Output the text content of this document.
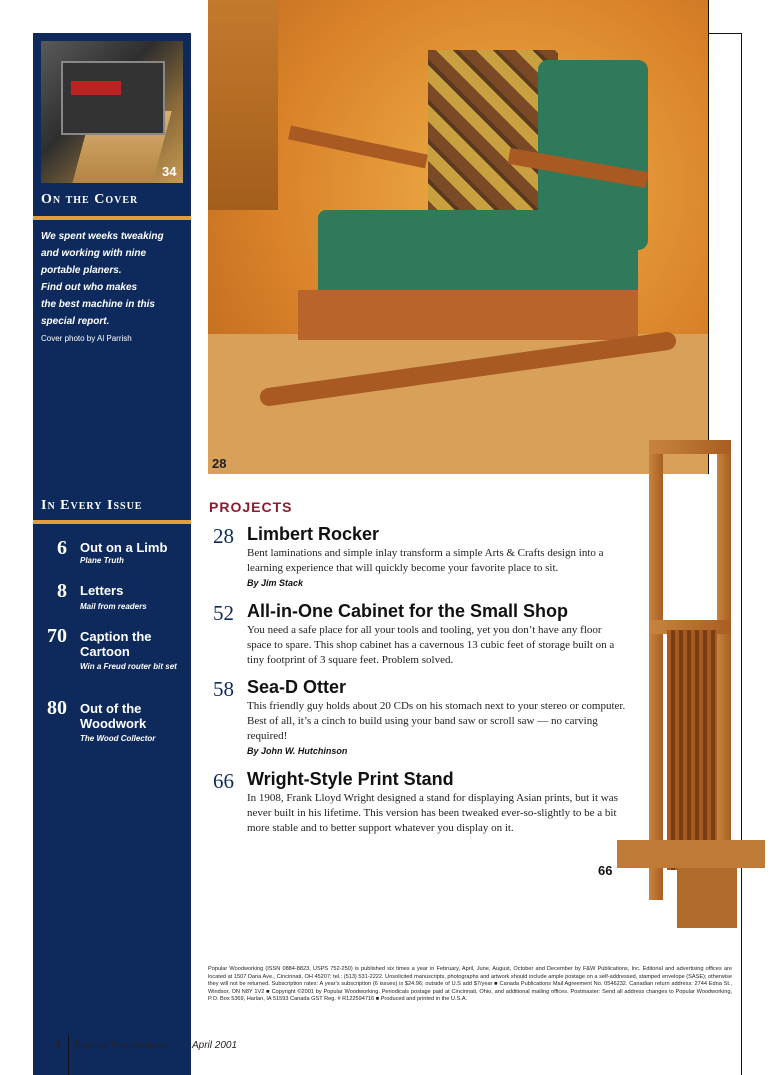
34
On the Cover
We spent weeks tweaking
and working with nine
portable planers.
Find out who makes
the best machine in this
special report.
Cover photo by Al Parrish
In Every Issue
6 Out on a Limb
Plane Truth
8 Letters
Mail from readers
70 Caption the Cartoon
Win a Freud router bit set
80 Out of the Woodwork
The Wood Collector
28
66
PROJECTS
28 Limbert Rocker
Bent laminations and simple inlay transform a simple Arts & Crafts design into a learning experience that will quickly become your favorite place to sit.
By Jim Stack
52 All-in-One Cabinet for the Small Shop
You need a safe place for all your tools and tooling, yet you don’t have any floor space to spare. This shop cabinet has a cavernous 13 cubic feet of storage built on a tiny footprint of 3 square feet. Problem solved.
58 Sea-D Otter
This friendly guy holds about 20 CDs on his stomach next to your stereo or computer. Best of all, it’s a cinch to build using your band saw or scroll saw — no carving required!
By John W. Hutchinson
66 Wright-Style Print Stand
In 1908, Frank Lloyd Wright designed a stand for displaying Asian prints, but it was never built in his lifetime. This version has been tweaked ever-so-slightly to be a bit more stable and to better support whatever you display on it.
Popular Woodworking (ISSN 0884-8823, USPS 752-250) is published six times a year in February, April, June, August, October and December by F&W Publications, Inc. Editorial and advertising offices are located at 1507 Dana Ave., Cincinnati, OH 45207; tel.: (513) 531-2222. Unsolicited manuscripts, photographs and artwork should include ample postage on a self-addressed, stamped envelope (SASE); otherwise they will not be returned. Subscription rates: A year's subscription (6 issues) is $24.96; outside of U.S add $7/year ■ Canada Publications Mail Agreement No. 0546232. Canadian return address: 2744 Edna St., Windsor, ON N8Y 1V2 ■ Copyright ©2001 by Popular Woodworking. Periodicals postage paid at Cincinnati, Ohio, and additional mailing offices. Postmaster: Send all address changes to Popular Woodworking, P.O. Box 5369, Harlan, IA 51593 Canada GST Reg. # R122594716 ■ Produced and printed in the U.S.A.
4 Popular Woodworking April 2001
